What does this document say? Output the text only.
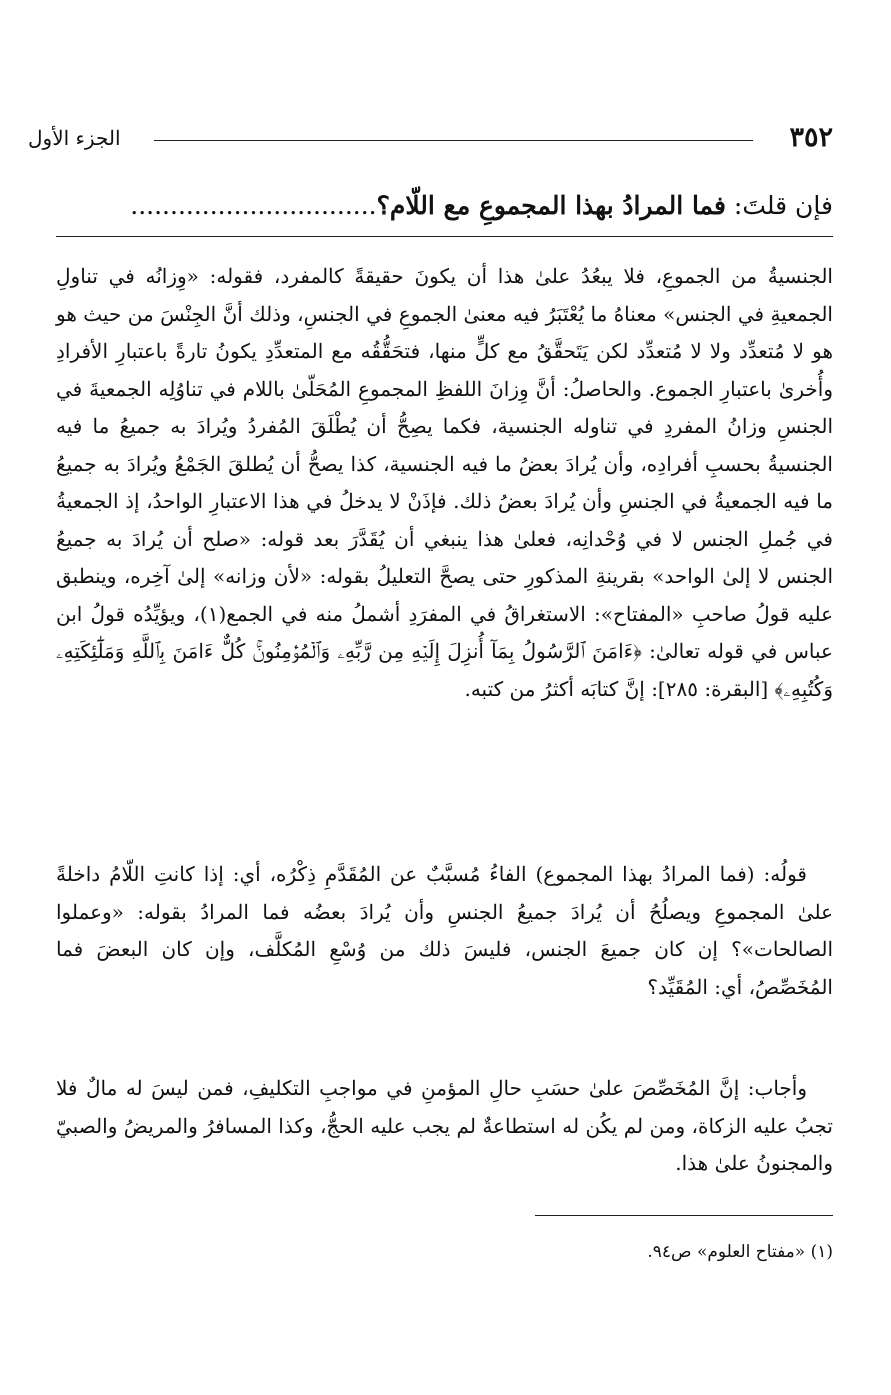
٣٥٢
الجزء الأول
فإن قلتَ: فما المرادُ بهذا المجموعِ مع اللّام؟...............................

الجنسيةُ من الجموعِ، فلا يبعُدُ علىٰ هذا أن يكونَ حقيقةً كالمفرد، فقوله: «وِزانُه في تناولِ الجمعيةِ في الجنس» معناهُ ما يُعْتَبَرُ فيه معنىٰ الجموعِ في الجنسِ، وذلك أنَّ الجِنْسَ من حيث هو هو لا مُتعدِّد ولا لا مُتعدِّد لكن يَتَحقَّقُ مع كلٍّ منها، فتحَقُّقُه مع المتعدِّدِ يكونُ تارةً باعتبارِ الأفرادِ وأُخرىٰ باعتبارِ الجموع. والحاصلُ: أنَّ وِزانَ اللفظِ المجموعِ المُحَلّىٰ باللام في تناوُلِه الجمعيةَ في الجنسِ وزانُ المفردِ في تناوله الجنسية، فكما يصِحُّ أن يُطْلَقَ المُفردُ ويُرادَ به جميعُ ما فيه الجنسيةُ بحسبِ أفرادِه، وأن يُرادَ بعضُ ما فيه الجنسية، كذا يصحُّ أن يُطلقَ الجَمْعُ ويُرادَ به جميعُ ما فيه الجمعيةُ في الجنسِ وأن يُرادَ بعضُ ذلك. فإذَنْ لا يدخلُ في هذا الاعتبارِ الواحدُ، إذ الجمعيةُ في جُملِ الجنس لا في وُحْدانِه، فعلىٰ هذا ينبغي أن يُقَدَّرَ بعد قوله: «صلح أن يُرادَ به جميعُ الجنس لا إلىٰ الواحد» بقرينةِ المذكورِ حتى يصحَّ التعليلُ بقوله: «لأن وزانه» إلىٰ آخِره، وينطبق عليه قولُ صاحبِ «المفتاح»: الاستغراقُ في المفرَدِ أشملُ منه في الجمع(١)، ويؤيِّدُه قولُ ابن عباس في قوله تعالىٰ: ﴿ءَامَنَ ٱلرَّسُولُ بِمَآ أُنزِلَ إِلَيۡهِ مِن رَّبِّهِۦ وَٱلۡمُؤۡمِنُونَۚ كُلٌّ ءَامَنَ بِٱللَّهِ وَمَلَٰٓئِكَتِهِۦ وَكُتُبِهِۦ﴾ [البقرة: ٢٨٥]: إنَّ كتابَه أكثرُ من كتبه.

قولُه: (فما المرادُ بهذا المجموع) الفاءُ مُسبَّبٌ عن المُقَدَّمِ ذِكْرُه، أي: إذا كانتِ اللّامُ داخلةً علىٰ المجموعِ ويصلُحُ أن يُرادَ جميعُ الجنسِ وأن يُرادَ بعضُه فما المرادُ بقوله: «وعملوا الصالحات»؟ إن كان جميعَ الجنس، فليسَ ذلك من وُسْعِ المُكلَّف، وإن كان البعضَ فما المُخَصِّصُ، أي: المُقَيِّد؟

وأجاب: إنَّ المُخَصِّصَ علىٰ حسَبِ حالِ المؤمنِ في مواجبِ التكليفِ، فمن ليسَ له مالٌ فلا تجبُ عليه الزكاة، ومن لم يكُن له استطاعةٌ لم يجب عليه الحجُّ، وكذا المسافرُ والمريضُ والصبيّ والمجنونُ علىٰ هذا.

(١) «مفتاح العلوم» ص٩٤.
